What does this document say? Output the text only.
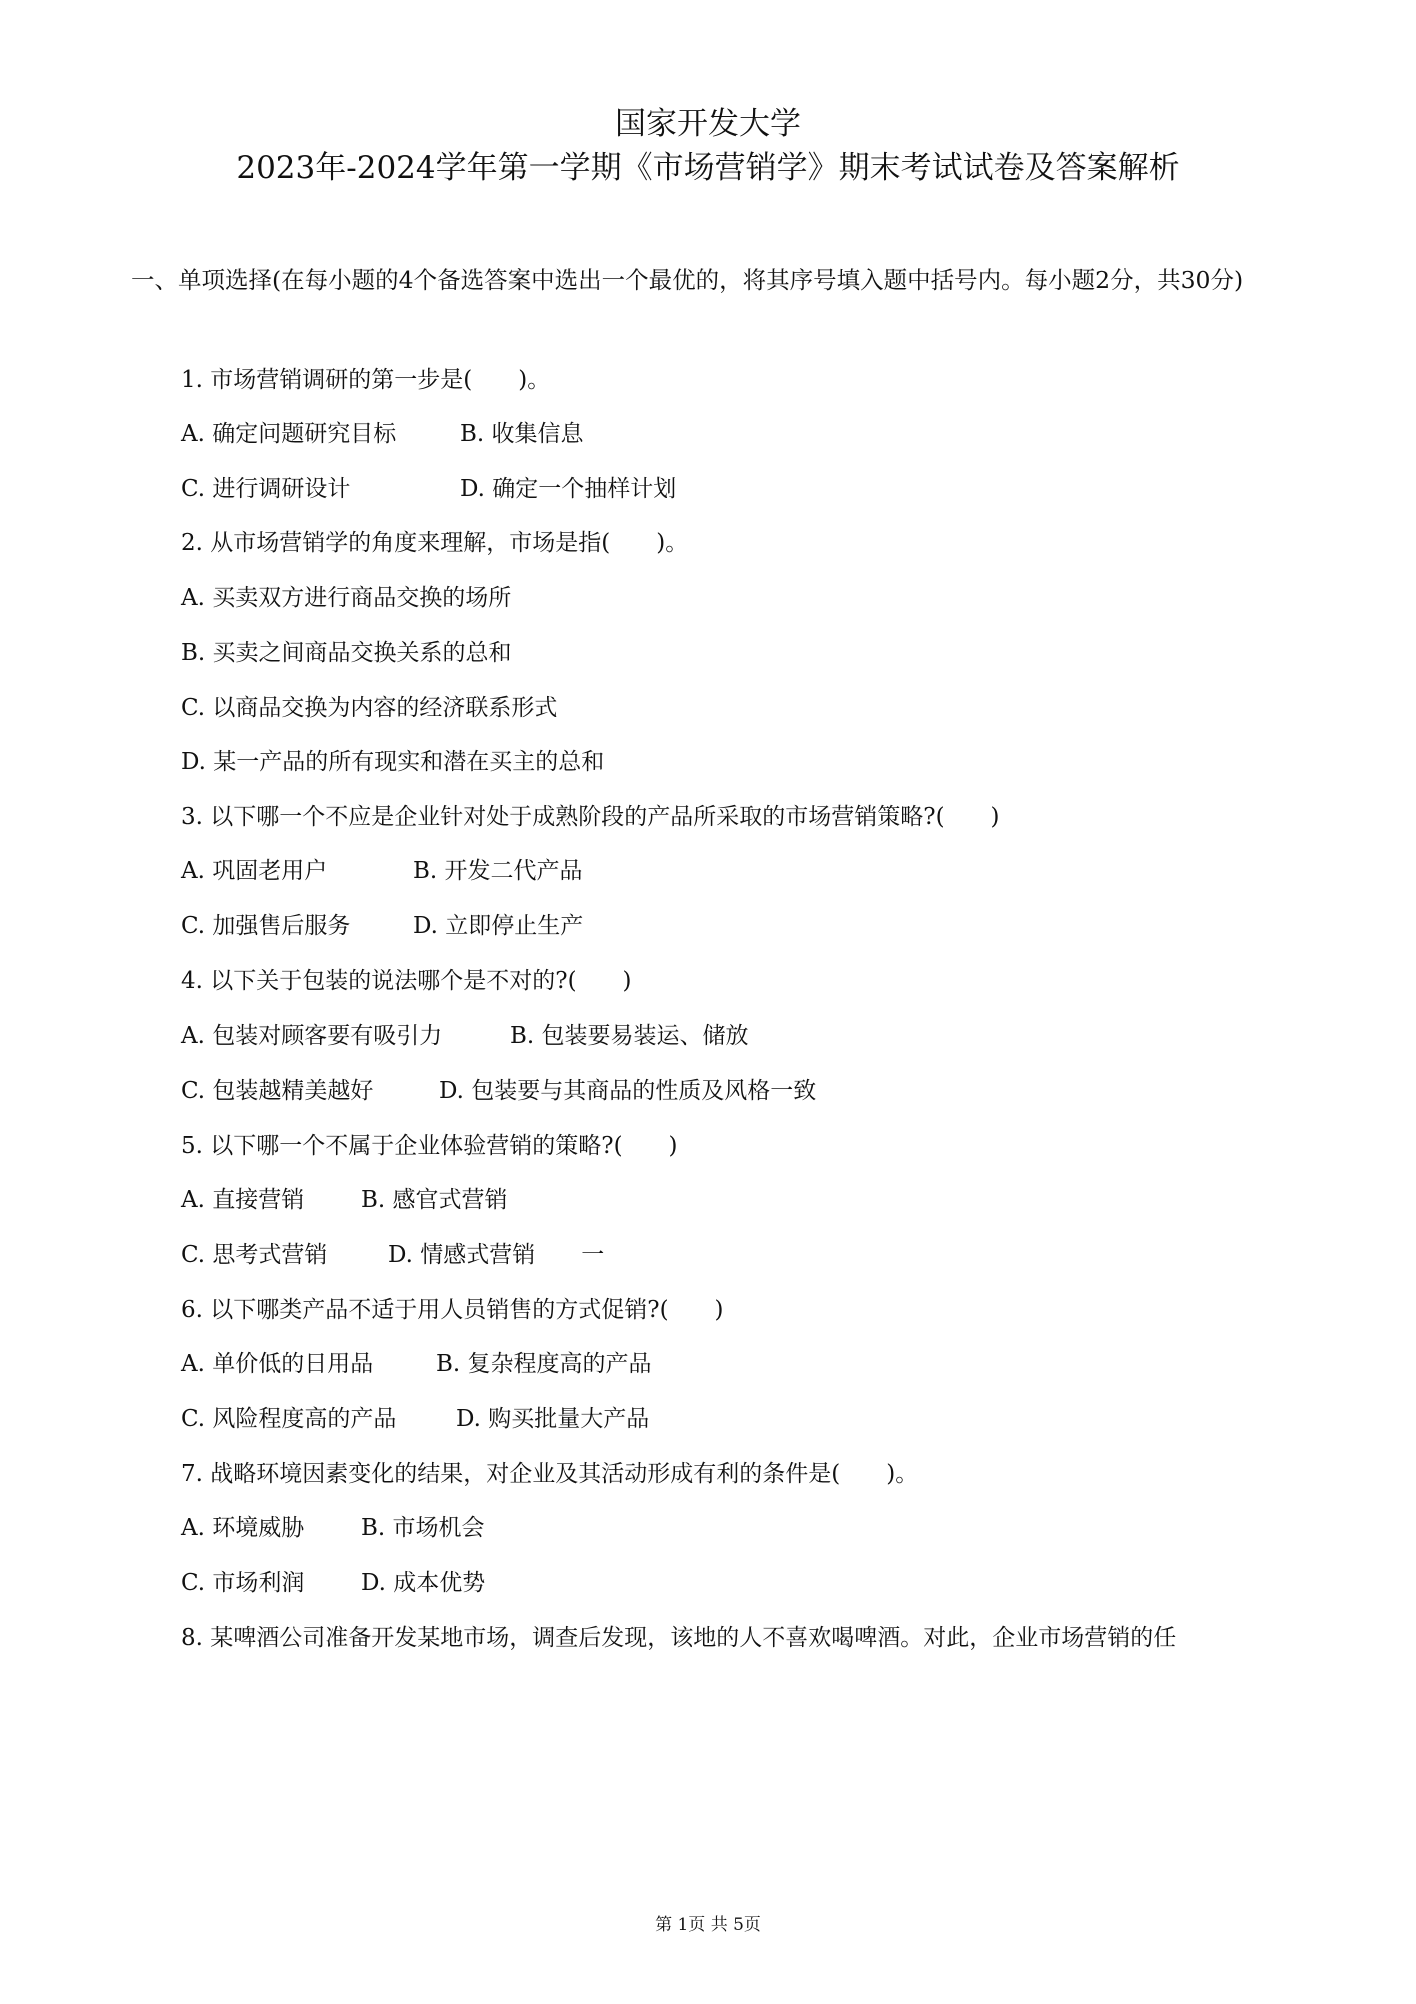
国家开发大学
2023年-2024学年第一学期《市场营销学》期末考试试卷及答案解析
一、单项选择(在每小题的4个备选答案中选出一个最优的，将其序号填入题中括号内。每小题2分，共30分)
1. 市场营销调研的第一步是(　　)。
A. 确定问题研究目标	B. 收集信息
C. 进行调研设计	D. 确定一个抽样计划
2. 从市场营销学的角度来理解，市场是指(　　)。
A. 买卖双方进行商品交换的场所
B. 买卖之间商品交换关系的总和
C. 以商品交换为内容的经济联系形式
D. 某一产品的所有现实和潜在买主的总和
3. 以下哪一个不应是企业针对处于成熟阶段的产品所采取的市场营销策略?(　　)
A. 巩固老用户	B. 开发二代产品
C. 加强售后服务	D. 立即停止生产
4. 以下关于包装的说法哪个是不对的?(　　)
A. 包装对顾客要有吸引力	B. 包装要易装运、储放
C. 包装越精美越好	D. 包装要与其商品的性质及风格一致
5. 以下哪一个不属于企业体验营销的策略?(　　)
A. 直接营销 B. 感官式营销
C. 思考式营销	D. 情感式营销　　一
6. 以下哪类产品不适于用人员销售的方式促销?(　　)
A. 单价低的日用品	B. 复杂程度高的产品
C. 风险程度高的产品	D. 购买批量大产品
7. 战略环境因素变化的结果，对企业及其活动形成有利的条件是(　　)。
A. 环境威胁 B. 市场机会
C. 市场利润 D. 成本优势
8. 某啤酒公司准备开发某地市场，调查后发现，该地的人不喜欢喝啤酒。对此，企业市场营销的任
第 1页 共 5页
